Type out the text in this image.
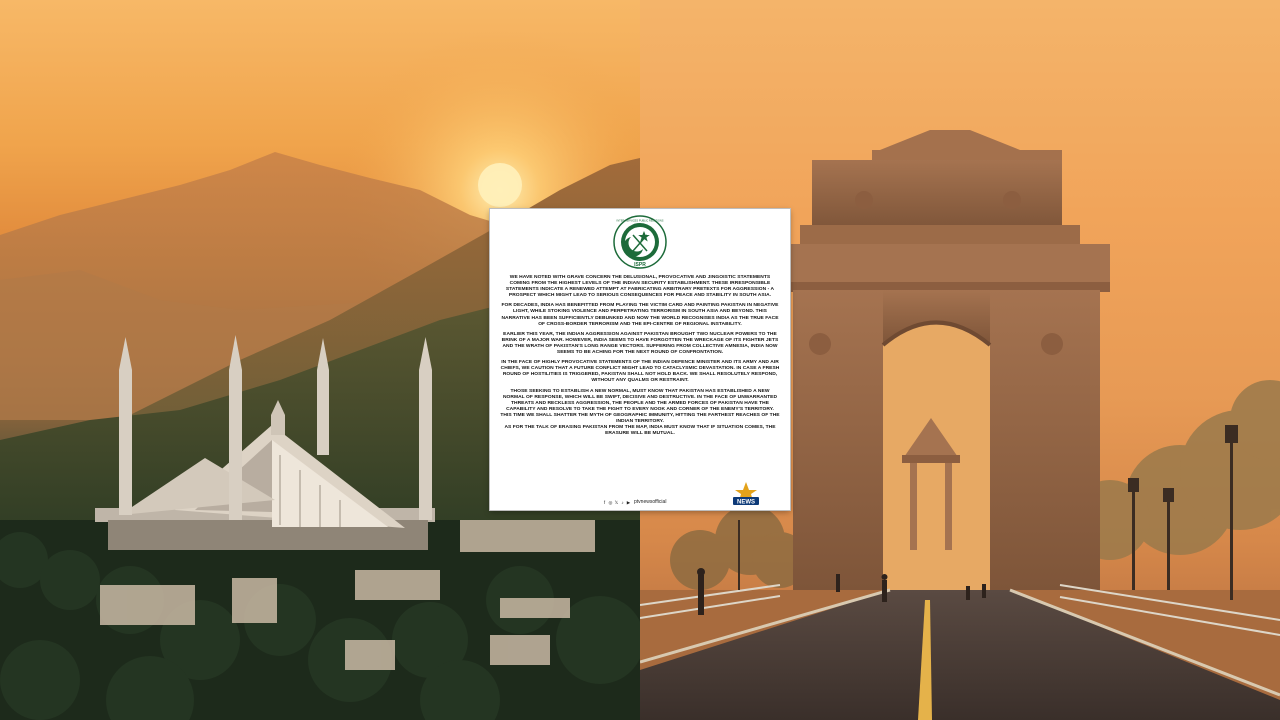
ISPR
INTER SERVICES PUBLIC RELATIONS

WE HAVE NOTED WITH GRAVE CONCERN THE DELUSIONAL, PROVOCATIVE AND JINGOISTIC STATEMENTS COMING FROM THE HIGHEST LEVELS OF THE INDIAN SECURITY ESTABLISHMENT. THESE IRRESPONSIBLE STATEMENTS INDICATE A RENEWED ATTEMPT AT FABRICATING ARBITRARY PRETEXTS FOR AGGRESSION - A PROSPECT WHICH MIGHT LEAD TO SERIOUS CONSEQUENCES FOR PEACE AND STABILITY IN SOUTH ASIA.

FOR DECADES, INDIA HAS BENEFITTED FROM PLAYING THE VICTIM CARD AND PAINTING PAKISTAN IN NEGATIVE LIGHT, WHILE STOKING VIOLENCE AND PERPETRATING TERRORISM IN SOUTH ASIA AND BEYOND. THIS NARRATIVE HAS BEEN SUFFICIENTLY DEBUNKED AND NOW THE WORLD RECOGNISES INDIA AS THE TRUE FACE OF CROSS-BORDER TERRORISM AND THE EPI-CENTRE OF REGIONAL INSTABILITY.

EARLIER THIS YEAR, THE INDIAN AGGRESSION AGAINST PAKISTAN BROUGHT TWO NUCLEAR POWERS TO THE BRINK OF A MAJOR WAR. HOWEVER, INDIA SEEMS TO HAVE FORGOTTEN THE WRECKAGE OF ITS FIGHTER JETS AND THE WRATH OF PAKISTAN'S LONG RANGE VECTORS. SUFFERING FROM COLLECTIVE AMNESIA, INDIA NOW SEEMS TO BE ACHING FOR THE NEXT ROUND OF CONFRONTATION.

IN THE FACE OF HIGHLY PROVOCATIVE STATEMENTS OF THE INDIAN DEFENCE MINISTER AND ITS ARMY AND AIR CHIEFS, WE CAUTION THAT A FUTURE CONFLICT MIGHT LEAD TO CATACLYSMIC DEVASTATION. IN CASE A FRESH ROUND OF HOSTILITIES IS TRIGGERED, PAKISTAN SHALL NOT HOLD BACK. WE SHALL RESOLUTELY RESPOND, WITHOUT ANY QUALMS OR RESTRAINT.

THOSE SEEKING TO ESTABLISH A NEW NORMAL, MUST KNOW THAT PAKISTAN HAS ESTABLISHED A NEW NORMAL OF RESPONSE, WHICH WILL BE SWIFT, DECISIVE AND DESTRUCTIVE. IN THE FACE OF UNWARRANTED THREATS AND RECKLESS AGGRESSION, THE PEOPLE AND THE ARMED FORCES OF PAKISTAN HAVE THE CAPABILITY AND RESOLVE TO TAKE THE FIGHT TO EVERY NOOK AND CORNER OF THE ENEMY'S TERRITORY. THIS TIME WE SHALL SHATTER THE MYTH OF GEOGRAPHIC IMMUNITY, HITTING THE FARTHEST REACHES OF THE INDIAN TERRITORY.

AS FOR THE TALK OF ERASING PAKISTAN FROM THE MAP, INDIA MUST KNOW THAT IF SITUATION COMES, THE ERASURE WILL BE MUTUAL.

f ◎ 𝕏 ♪ ▶ ptvnewsofficial	NEWS
